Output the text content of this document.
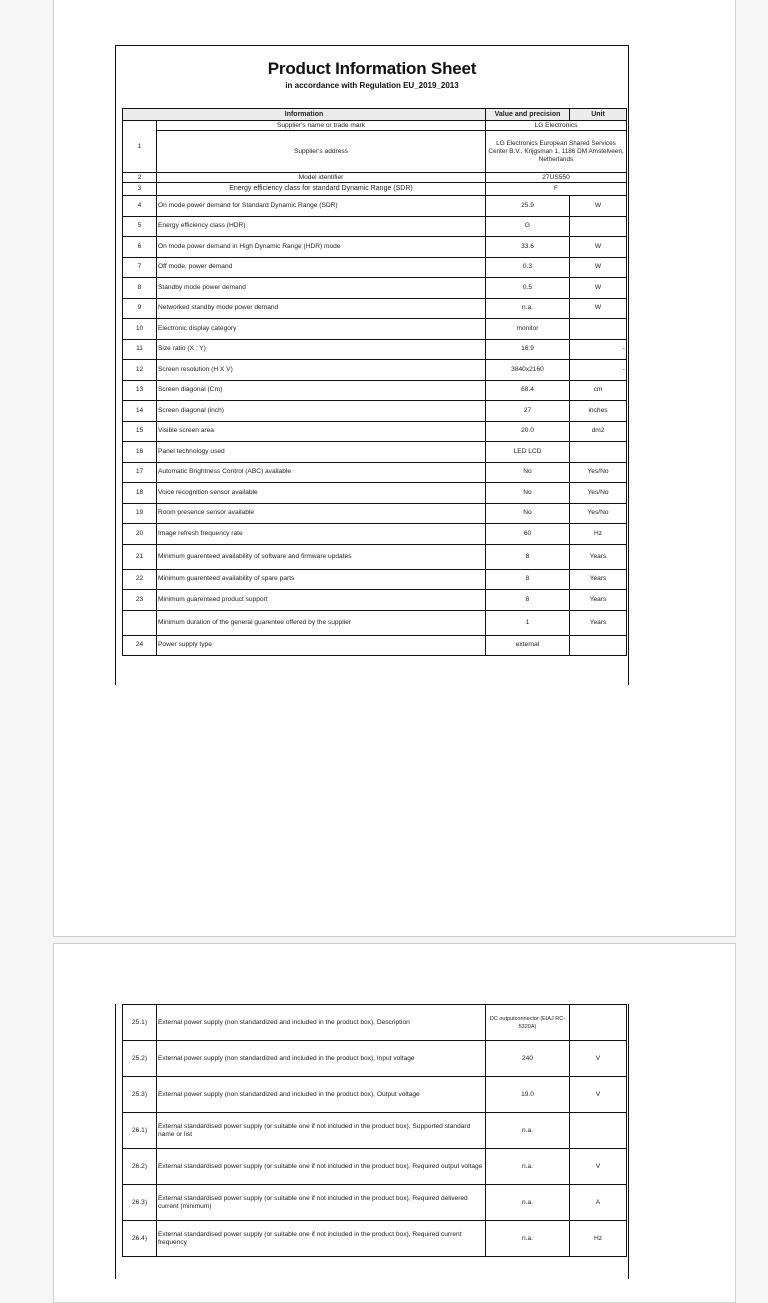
Product Information Sheet
in accordance with Regulation EU_2019_2013
Information		Value and precision	Unit
1	Supplier's name or trade mark	LG Electronics	
	Supplier's address	LG Electronics European Shared Services Center B.V., Krijgsman 1, 1186 DM Amstelveen, Netherlands	
2	Model identifier	27US550	
3	Energy efficiency class for standard Dynamic Range (SDR)	F	
4	On mode power demand for Standard Dynamic Range (SDR)	25.9	W
5	Energy efficiency class (HDR)	G	
6	On mode power demand in High Dynamic Range (HDR) mode	33.6	W
7	Off mode, power demand	0.3	W
8	Standby mode power demand	0.5	W
9	Networked standby mode power demand	n.a.	W
10	Electronic display category	monitor	
11	Size ratio (X : Y)	16:9	-
12	Screen resolution (H X V)	3840x2160	-
13	Screen diagonal (Cm)	68.4	cm
14	Screen diagonal (inch)	27	inches
15	Visible screen area	20.0	dm2
16	Panel technology used	LED LCD	
17	Automatic Brightness Control (ABC) available	No	Yes/No
18	Voice recognition sensor available	No	Yes/No
19	Room presence sensor available	No	Yes/No
20	Image refresh frequency rate	60	Hz
21	Minimum guarenteed availability of software and firmware updates	8	Years
22	Minimum guarenteed availability of spare parts	8	Years
23	Minimum guarenteed product support	8	Years
	Minimum duration of the general guarentee offered by the supplier	1	Years
24	Power supply type	external	
25.1)	External power supply (non standardized and included in the product box), Description	DC outputconnector (EIAJ RC-5320A)	
25.2)	External power supply (non standardized and included in the product box), Input voltage	240	V
25.3)	External power supply (non standardized and included in the product box), Output voltage	19.0	V
26.1)	External standardised power supply (or suitable one if not included in the product box), Supported standard name or list	n.a.	
26.2)	External standardised power supply (or suitable one if not included in the product box), Required output voltage	n.a.	V
26.3)	External standardised power supply (or suitable one if not included in the product box), Required delivered current (minimum)	n.a.	A
26.4)	External standardised power supply (or suitable one if not included in the product box), Required current frequency	n.a.	Hz
